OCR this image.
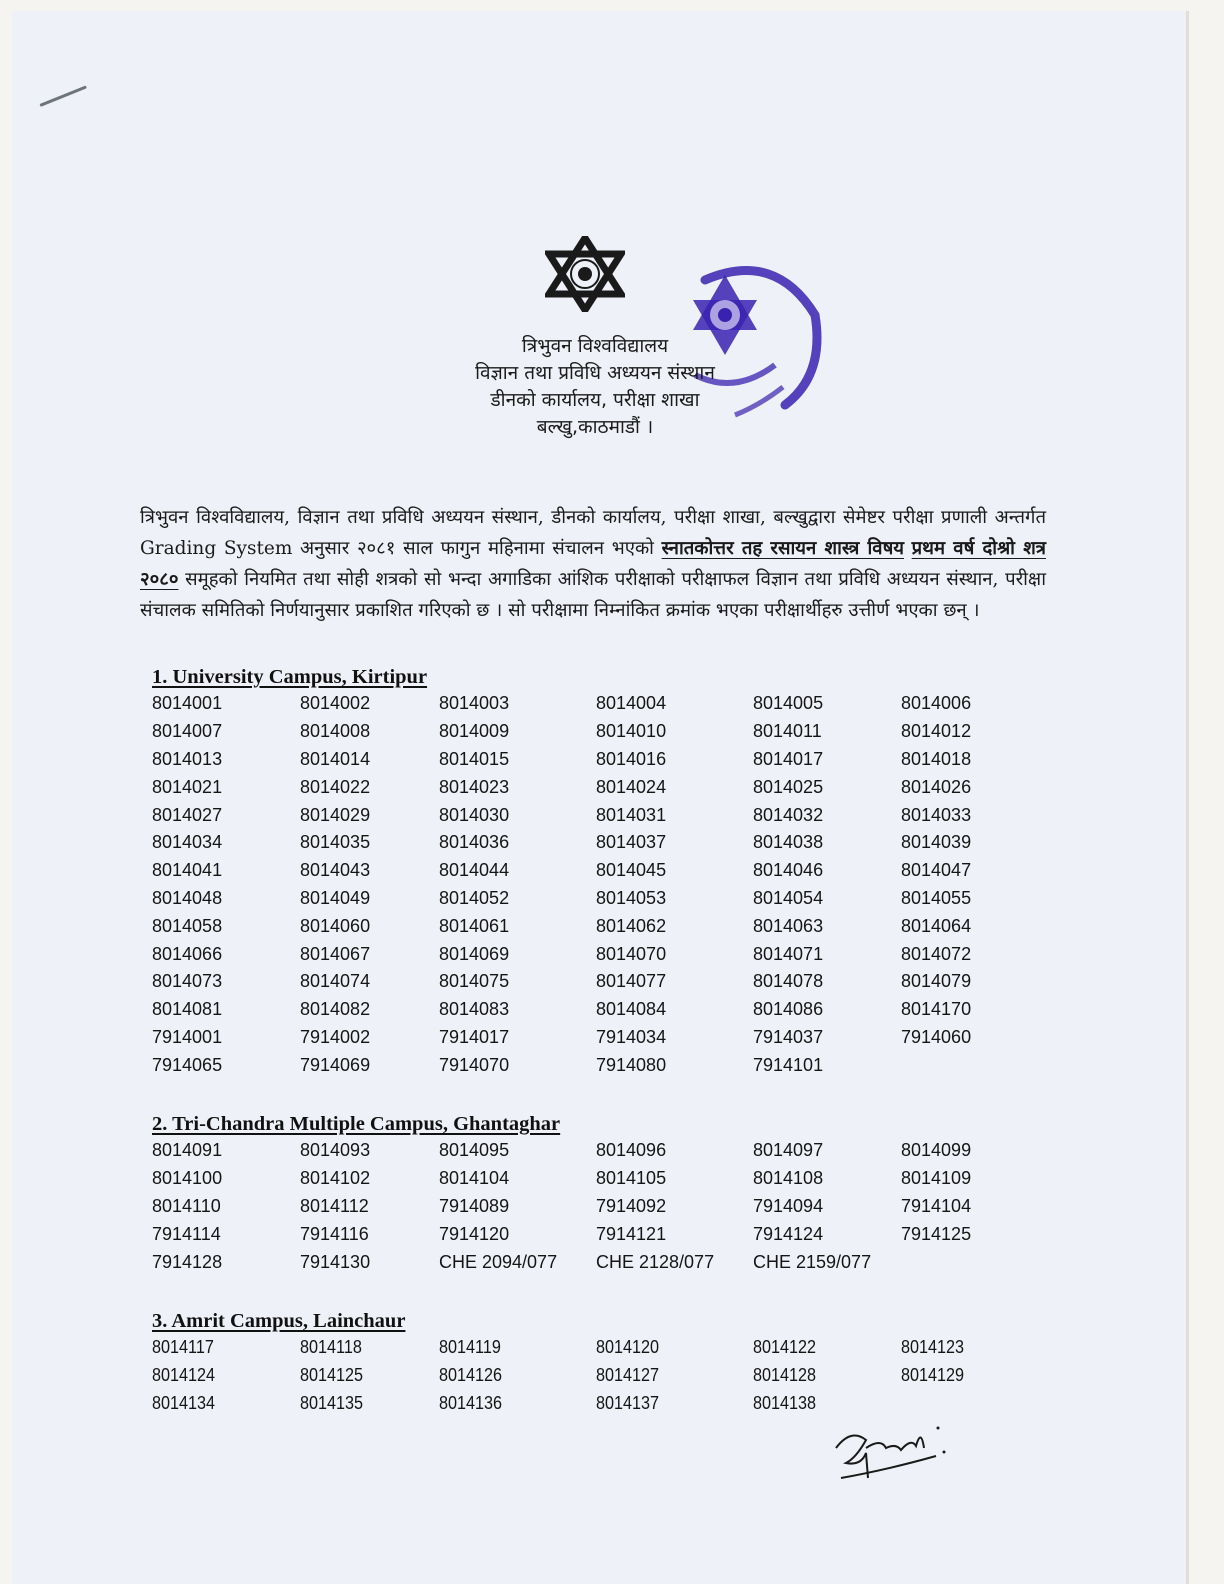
त्रिभुवन विश्वविद्यालय
विज्ञान तथा प्रविधि अध्ययन संस्थान
डीनको कार्यालय, परीक्षा शाखा
बल्खु,काठमाडौं ।
त्रिभुवन विश्वविद्यालय, विज्ञान तथा प्रविधि अध्ययन संस्थान, डीनको कार्यालय, परीक्षा शाखा, बल्खुद्वारा सेमेष्टर परीक्षा प्रणाली अन्तर्गत Grading System अनुसार २०८१ साल फागुन महिनामा संचालन भएको स्नातकोत्तर तह रसायन शास्त्र विषय प्रथम वर्ष दोश्रो शत्र २०८० समूहको नियमित तथा सोही शत्रको सो भन्दा अगाडिका आंशिक परीक्षाको परीक्षाफल विज्ञान तथा प्रविधि अध्ययन संस्थान, परीक्षा संचालक समितिको निर्णयानुसार प्रकाशित गरिएको छ । सो परीक्षामा निम्नांकित क्रमांक भएका परीक्षार्थीहरु उत्तीर्ण भएका छन् ।
1. University Campus, Kirtipur
8014001	8014002	8014003	8014004	8014005	8014006
8014007	8014008	8014009	8014010	8014011	8014012
8014013	8014014	8014015	8014016	8014017	8014018
8014021	8014022	8014023	8014024	8014025	8014026
8014027	8014029	8014030	8014031	8014032	8014033
8014034	8014035	8014036	8014037	8014038	8014039
8014041	8014043	8014044	8014045	8014046	8014047
8014048	8014049	8014052	8014053	8014054	8014055
8014058	8014060	8014061	8014062	8014063	8014064
8014066	8014067	8014069	8014070	8014071	8014072
8014073	8014074	8014075	8014077	8014078	8014079
8014081	8014082	8014083	8014084	8014086	8014170
7914001	7914002	7914017	7914034	7914037	7914060
7914065	7914069	7914070	7914080	7914101
2. Tri-Chandra Multiple Campus, Ghantaghar
8014091	8014093	8014095	8014096	8014097	8014099
8014100	8014102	8014104	8014105	8014108	8014109
8014110	8014112	7914089	7914092	7914094	7914104
7914114	7914116	7914120	7914121	7914124	7914125
7914128	7914130	CHE 2094/077	CHE 2128/077	CHE 2159/077
3. Amrit Campus, Lainchaur
8014117	8014118	8014119	8014120	8014122	8014123
8014124	8014125	8014126	8014127	8014128	8014129
8014134	8014135	8014136	8014137	8014138
